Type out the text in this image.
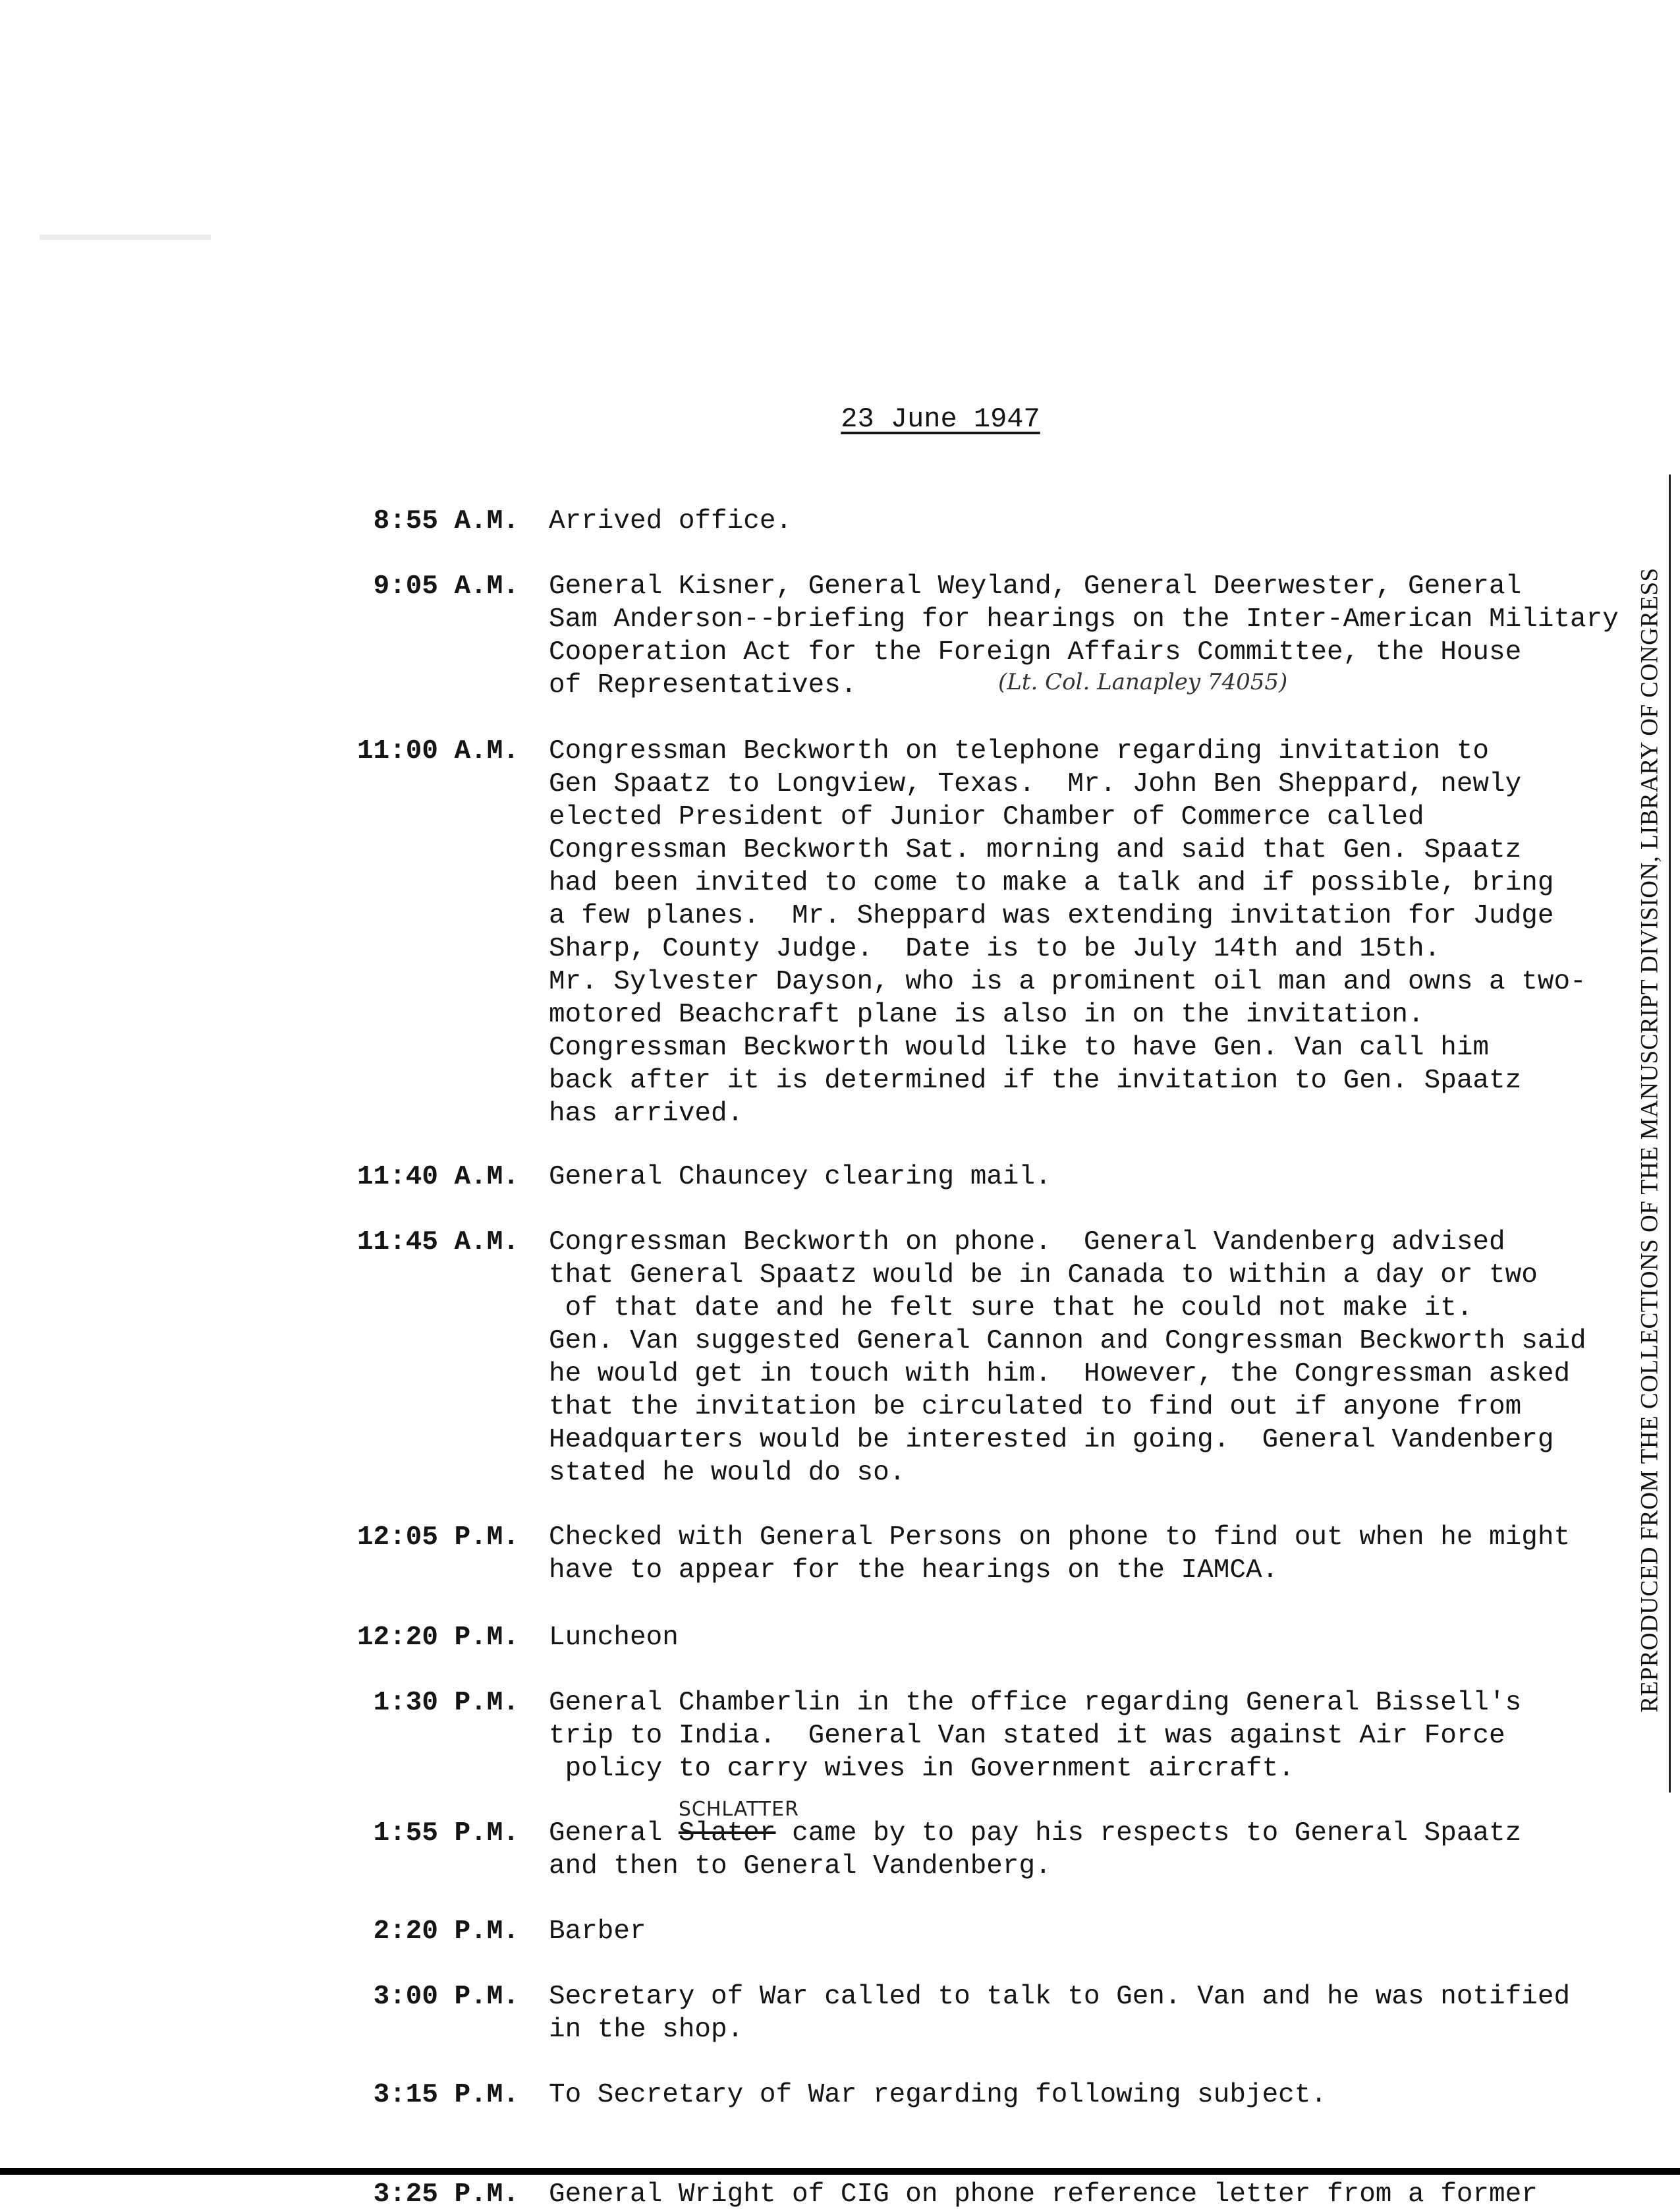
23 June 1947
8:55 A.M. Arrived office.
9:05 A.M. General Kisner, General Weyland, General Deerwester, General
Sam Anderson--briefing for hearings on the Inter-American Military
Cooperation Act for the Foreign Affairs Committee, the House
of Representatives.
11:00 A.M. Congressman Beckworth on telephone regarding invitation to
Gen Spaatz to Longview, Texas.  Mr. John Ben Sheppard, newly
elected President of Junior Chamber of Commerce called
Congressman Beckworth Sat. morning and said that Gen. Spaatz
had been invited to come to make a talk and if possible, bring
a few planes.  Mr. Sheppard was extending invitation for Judge
Sharp, County Judge.  Date is to be July 14th and 15th.
Mr. Sylvester Dayson, who is a prominent oil man and owns a two-
motored Beachcraft plane is also in on the invitation.
Congressman Beckworth would like to have Gen. Van call him
back after it is determined if the invitation to Gen. Spaatz
has arrived.
11:40 A.M. General Chauncey clearing mail.
11:45 A.M. Congressman Beckworth on phone.  General Vandenberg advised
that General Spaatz would be in Canada to within a day or two
of that date and he felt sure that he could not make it.
Gen. Van suggested General Cannon and Congressman Beckworth said
he would get in touch with him.  However, the Congressman asked
that the invitation be circulated to find out if anyone from
Headquarters would be interested in going.  General Vandenberg
stated he would do so.
12:05 P.M. Checked with General Persons on phone to find out when he might
have to appear for the hearings on the IAMCA.
12:20 P.M. Luncheon
1:30 P.M. General Chamberlin in the office regarding General Bissell's
trip to India.  General Van stated it was against Air Force
policy to carry wives in Government aircraft.
1:55 P.M. General Slater
SCHLATTER
came by to pay his respects to General Spaatz
and then to General Vandenberg.
2:20 P.M. Barber
3:00 P.M. Secretary of War called to talk to Gen. Van and he was notified
in the shop.
3:15 P.M. To Secretary of War regarding following subject.
3:25 P.M. General Wright of CIG on phone reference letter from a former
(Lt. Col. Lanapley 74055)	REPRODUCED FROM THE COLLECTIONS OF THE MANUSCRIPT DIVISION, LIBRARY OF CONGRESS
